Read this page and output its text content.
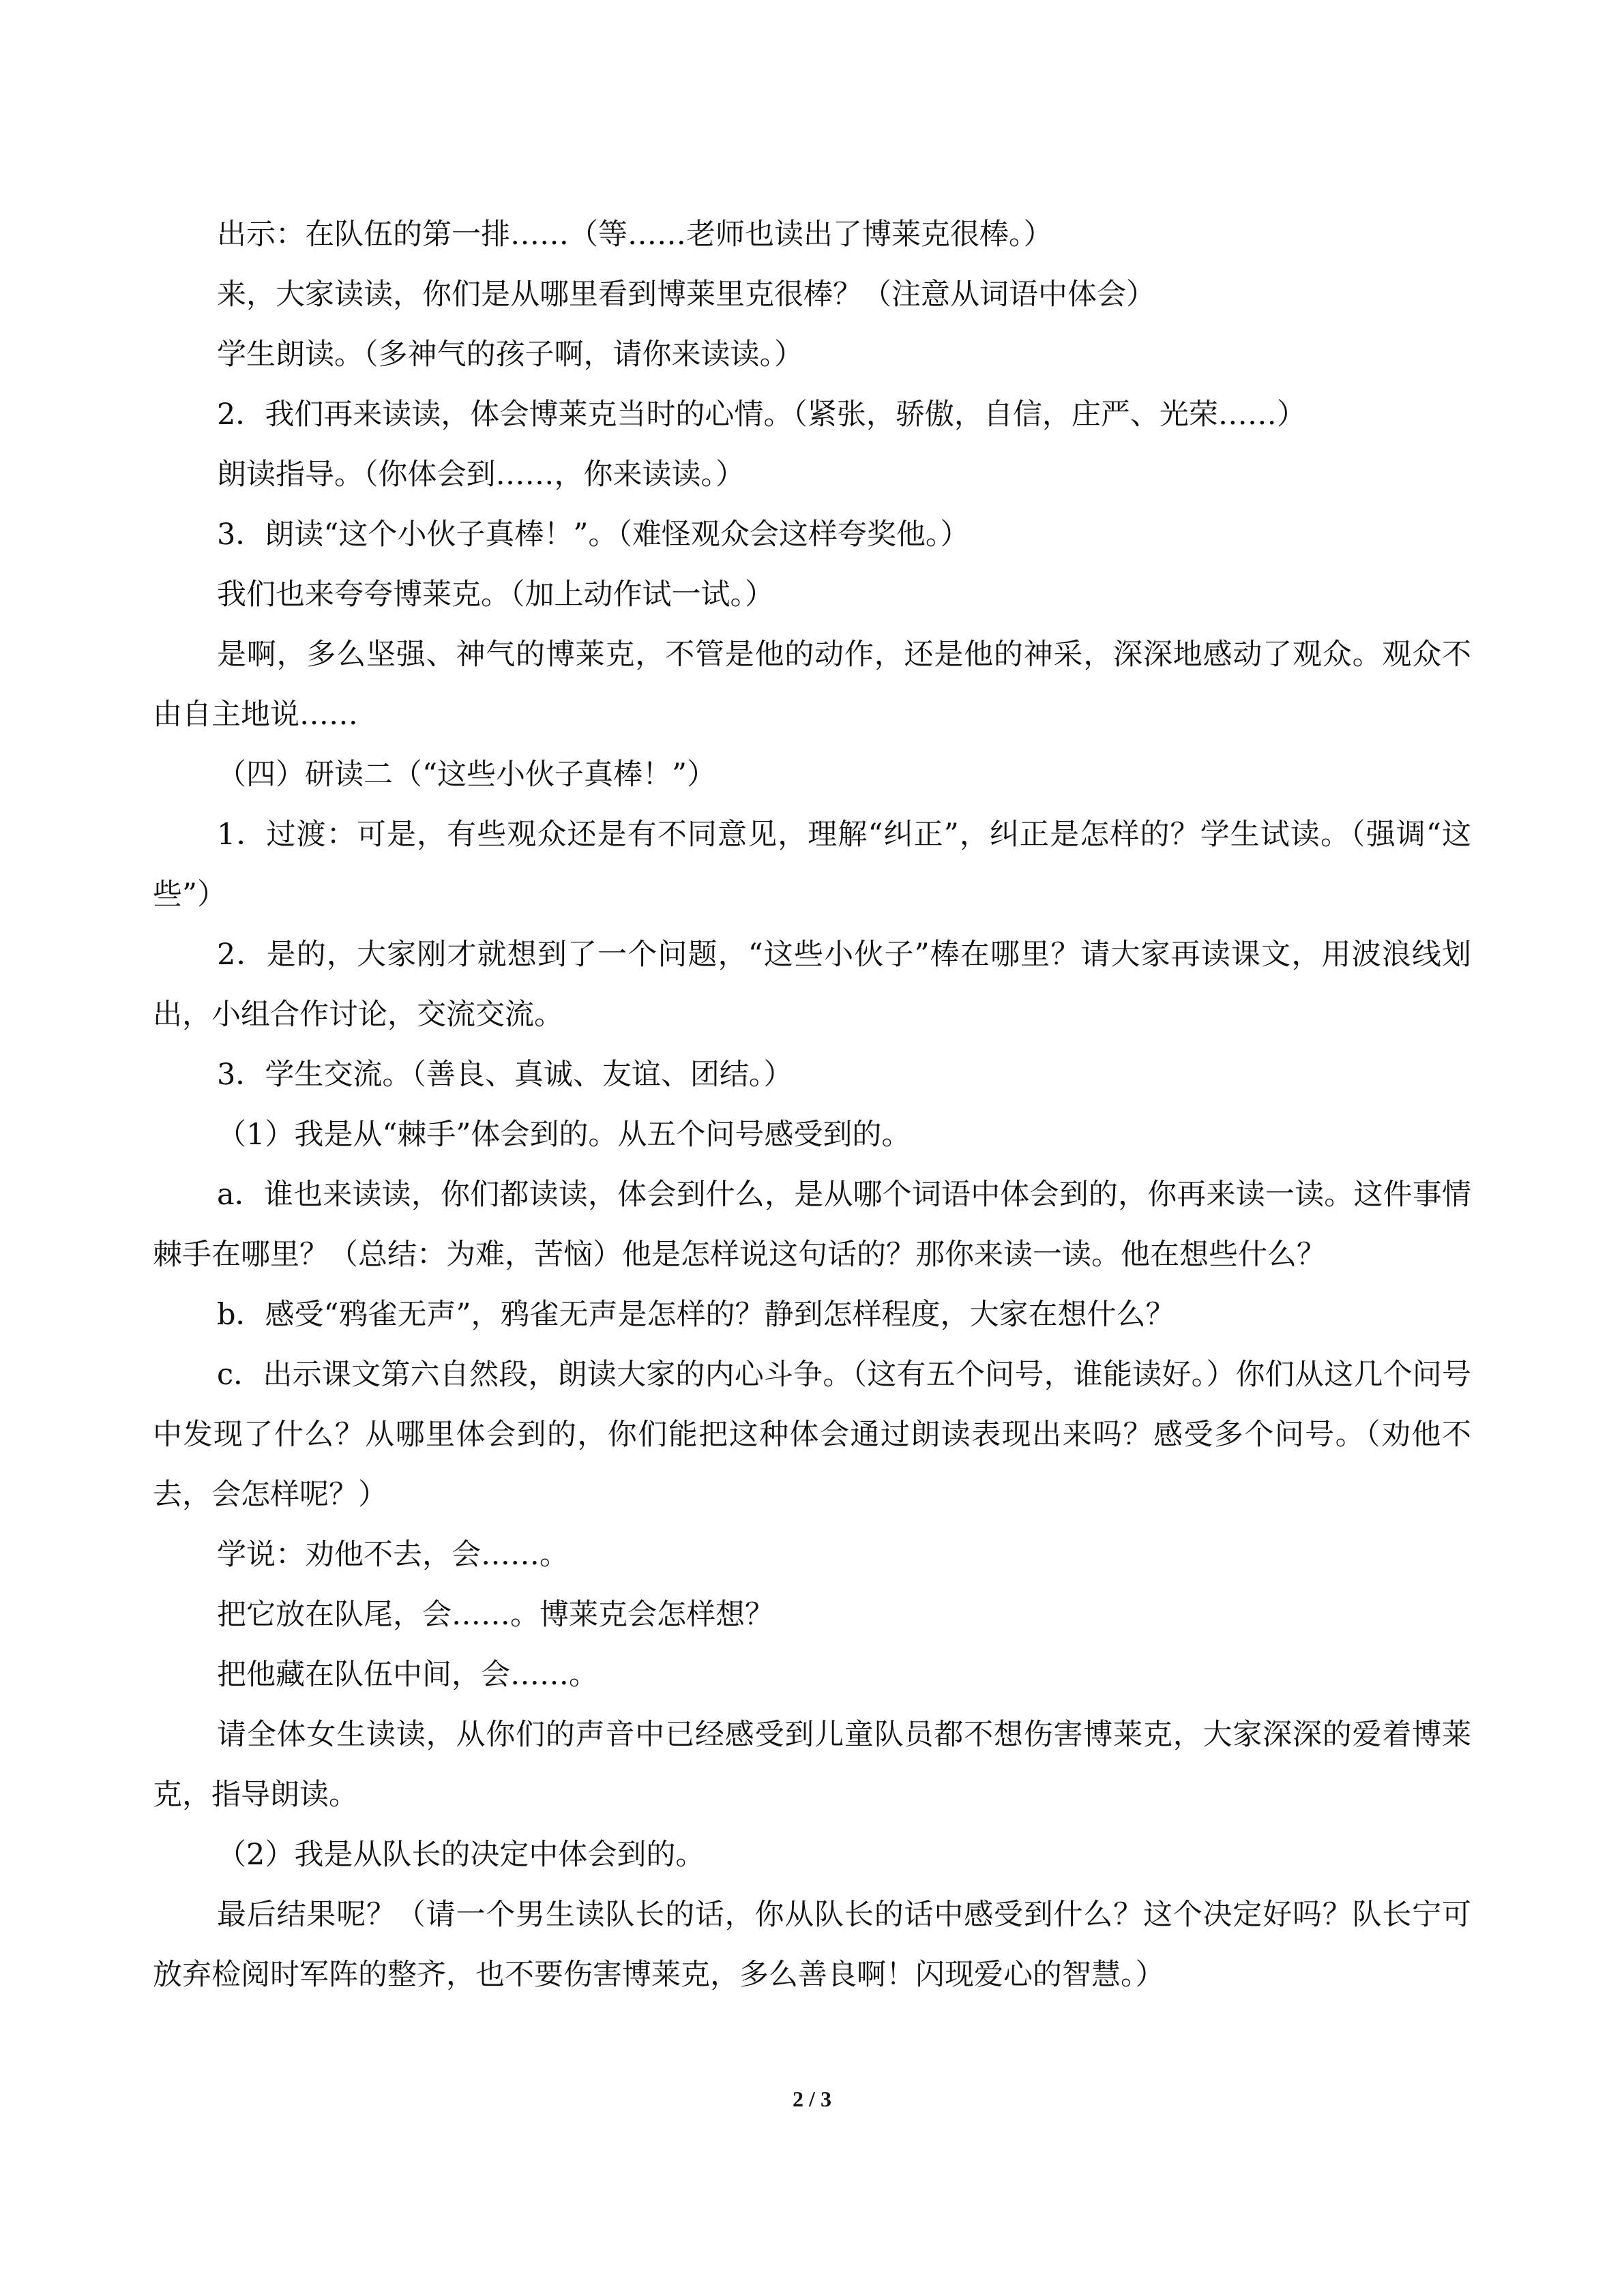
出示：在队伍的第一排……（等……老师也读出了博莱克很棒。）

来，大家读读，你们是从哪里看到博莱里克很棒？（注意从词语中体会）

学生朗读。（多神气的孩子啊，请你来读读。）

2．我们再来读读，体会博莱克当时的心情。（紧张，骄傲，自信，庄严、光荣……）

朗读指导。（你体会到……，你来读读。）

3．朗读“这个小伙子真棒！”。（难怪观众会这样夸奖他。）

我们也来夸夸博莱克。（加上动作试一试。）

是啊，多么坚强、神气的博莱克，不管是他的动作，还是他的神采，深深地感动了观众。观众不由自主地说……

（四）研读二（“这些小伙子真棒！”）

1．过渡：可是，有些观众还是有不同意见，理解“纠正”，纠正是怎样的？学生试读。（强调“这些”）

2．是的，大家刚才就想到了一个问题，“这些小伙子”棒在哪里？请大家再读课文，用波浪线划出，小组合作讨论，交流交流。

3．学生交流。（善良、真诚、友谊、团结。）

（1）我是从“棘手”体会到的。从五个问号感受到的。

a．谁也来读读，你们都读读，体会到什么，是从哪个词语中体会到的，你再来读一读。这件事情棘手在哪里？（总结：为难，苦恼）他是怎样说这句话的？那你来读一读。他在想些什么？

b．感受“鸦雀无声”，鸦雀无声是怎样的？静到怎样程度，大家在想什么？

c．出示课文第六自然段，朗读大家的内心斗争。（这有五个问号，谁能读好。）你们从这几个问号中发现了什么？从哪里体会到的，你们能把这种体会通过朗读表现出来吗？感受多个问号。（劝他不去，会怎样呢？）

学说：劝他不去，会……。

把它放在队尾，会……。博莱克会怎样想？

把他藏在队伍中间，会……。

请全体女生读读，从你们的声音中已经感受到儿童队员都不想伤害博莱克，大家深深的爱着博莱克，指导朗读。

（2）我是从队长的决定中体会到的。

最后结果呢？（请一个男生读队长的话，你从队长的话中感受到什么？这个决定好吗？队长宁可放弃检阅时军阵的整齐，也不要伤害博莱克，多么善良啊！闪现爱心的智慧。）

2 / 3
